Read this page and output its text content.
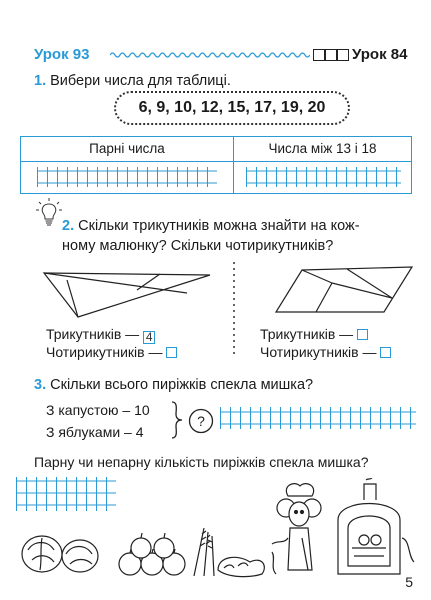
Урок 93	Урок 84
1. Вибери числа для таблиці.
6, 9, 10, 12, 15, 17, 19, 20
Парні числа	Числа між 13 і 18
2. Скільки трикутників можна знайти на кож-
ному малюнку? Скільки чотирикутників?
Трикутників — 4
Чотирикутників —
Трикутників —
Чотирикутників —
3. Скільки всього пиріжків спекла мишка?
З капустою – 10
З яблуками – 4
?
Парну чи непарну кількість пиріжків спекла мишка?
5
